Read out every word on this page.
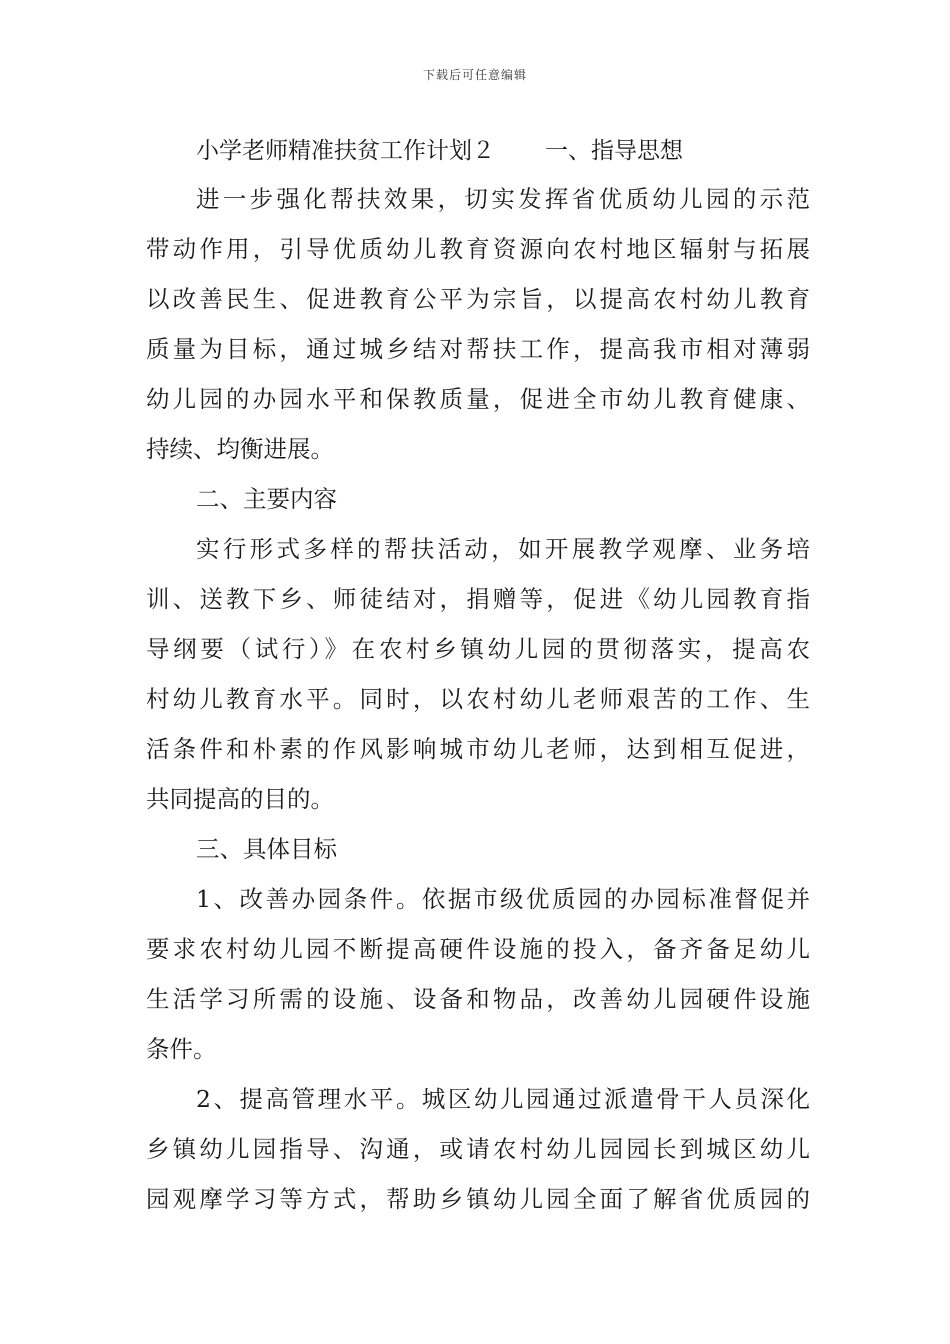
下载后可任意编辑
小学老师精准扶贫工作计划２ 一、指导思想
进一步强化帮扶效果，切实发挥省优质幼儿园的示范
带动作用，引导优质幼儿教育资源向农村地区辐射与拓展
以改善民生、促进教育公平为宗旨，以提高农村幼儿教育
质量为目标，通过城乡结对帮扶工作，提高我市相对薄弱
幼儿园的办园水平和保教质量，促进全市幼儿教育健康、
持续、均衡进展。
二、主要内容
实行形式多样的帮扶活动，如开展教学观摩、业务培
训、送教下乡、师徒结对，捐赠等，促进《幼儿园教育指
导纲要（试行）》在农村乡镇幼儿园的贯彻落实，提高农
村幼儿教育水平。同时，以农村幼儿老师艰苦的工作、生
活条件和朴素的作风影响城市幼儿老师，达到相互促进，
共同提高的目的。
三、具体目标
1、改善办园条件。依据市级优质园的办园标准督促并
要求农村幼儿园不断提高硬件设施的投入，备齐备足幼儿
生活学习所需的设施、设备和物品，改善幼儿园硬件设施
条件。
2、提高管理水平。城区幼儿园通过派遣骨干人员深化
乡镇幼儿园指导、沟通，或请农村幼儿园园长到城区幼儿
园观摩学习等方式，帮助乡镇幼儿园全面了解省优质园的
